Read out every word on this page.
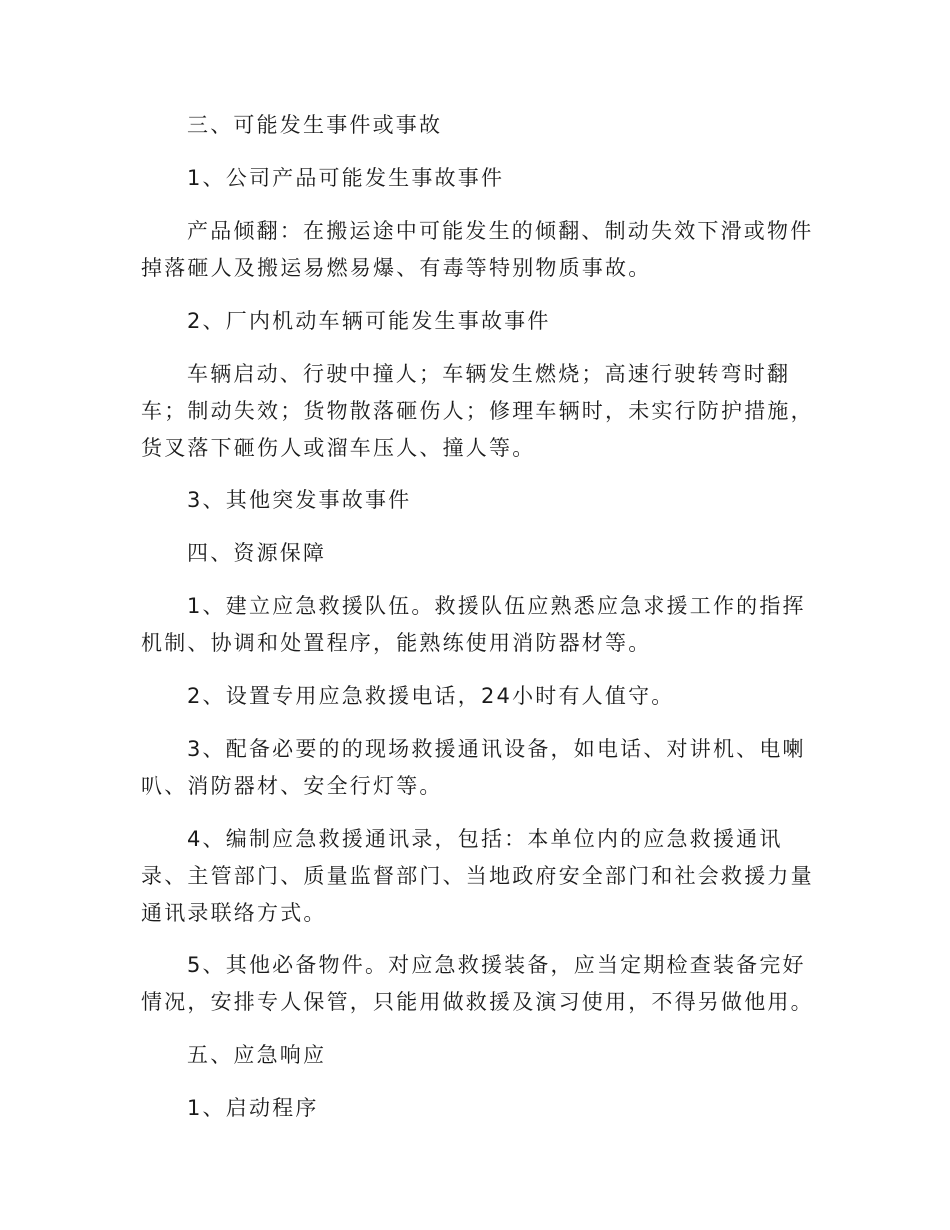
三、可能发生事件或事故

1、公司产品可能发生事故事件

产品倾翻：在搬运途中可能发生的倾翻、制动失效下滑或物件掉落砸人及搬运易燃易爆、有毒等特别物质事故。

2、厂内机动车辆可能发生事故事件

车辆启动、行驶中撞人；车辆发生燃烧；高速行驶转弯时翻车；制动失效；货物散落砸伤人；修理车辆时，未实行防护措施，货叉落下砸伤人或溜车压人、撞人等。

3、其他突发事故事件

四、资源保障

1、建立应急救援队伍。救援队伍应熟悉应急求援工作的指挥机制、协调和处置程序，能熟练使用消防器材等。

2、设置专用应急救援电话，24小时有人值守。

3、配备必要的的现场救援通讯设备，如电话、对讲机、电喇叭、消防器材、安全行灯等。

4、编制应急救援通讯录，包括：本单位内的应急救援通讯录、主管部门、质量监督部门、当地政府安全部门和社会救援力量通讯录联络方式。

5、其他必备物件。对应急救援装备，应当定期检查装备完好情况，安排专人保管，只能用做救援及演习使用，不得另做他用。

五、应急响应

1、启动程序
